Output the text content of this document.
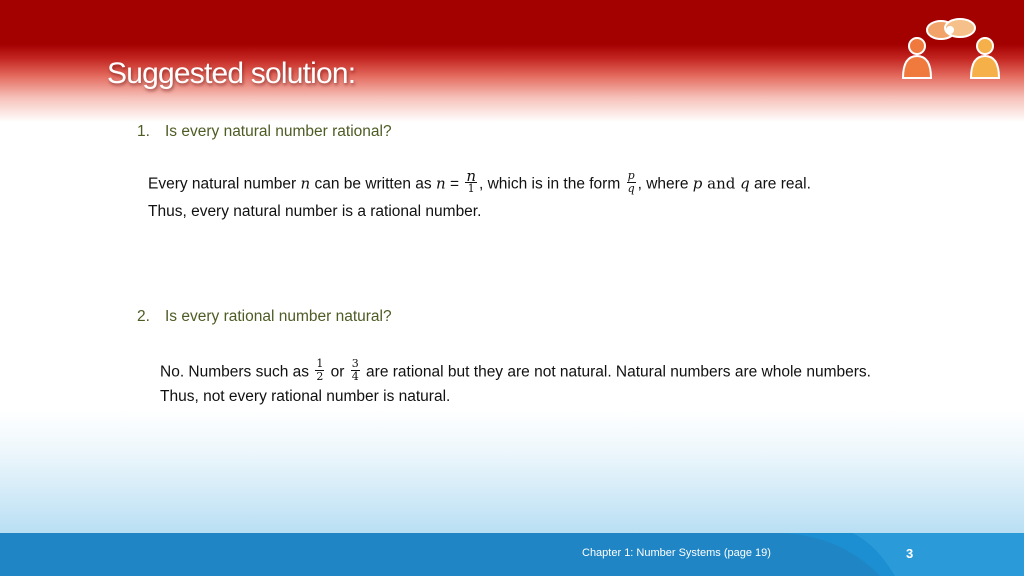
Suggested solution:
1. Is every natural number rational?
Every natural number n can be written as $n = \frac{n}{1}$ , which is in the form $\frac{p}{q}$ , where p and q are real.
Thus, every natural number is a rational number.
2. Is every rational number natural?
No. Numbers such as $\frac{1}{2}$ or $\frac{3}{4}$ are rational but they are not natural. Natural numbers are whole numbers.
Thus, not every rational number is natural.
Chapter 1: Number Systems (page 19)	3
